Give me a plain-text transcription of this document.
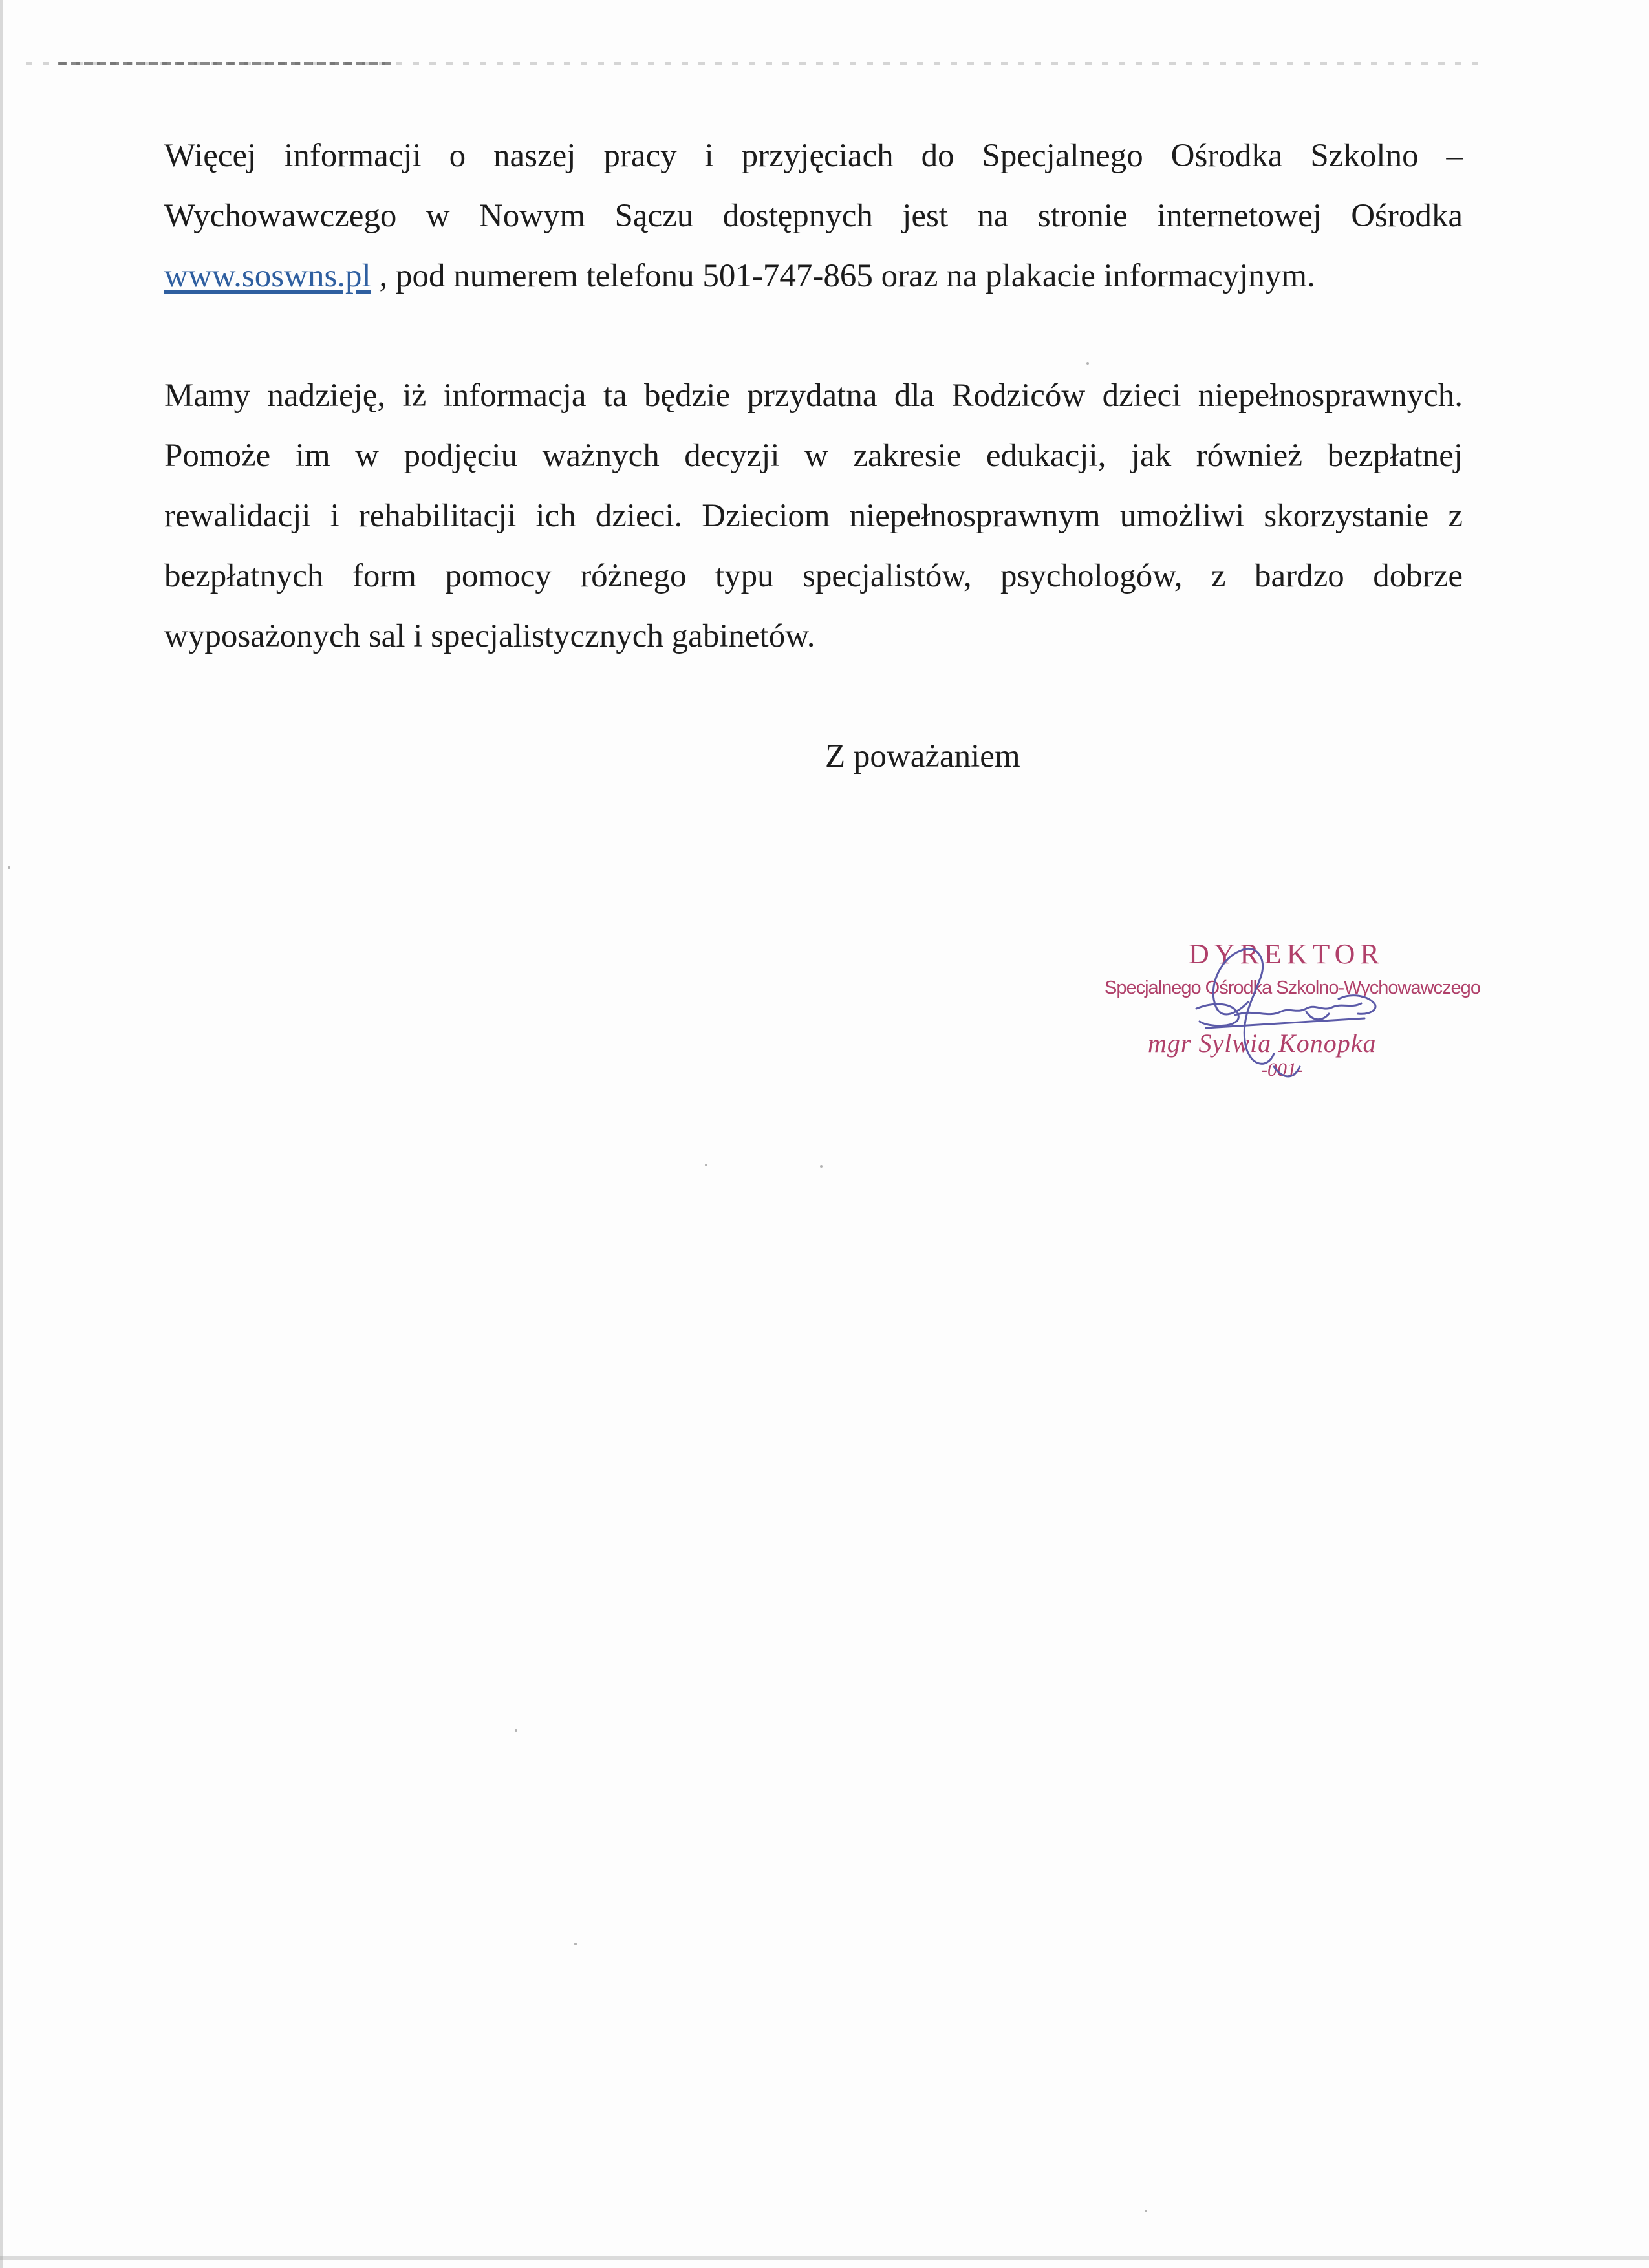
Więcej informacji o naszej pracy i przyjęciach do Specjalnego Ośrodka Szkolno –
Wychowawczego w Nowym Sączu dostępnych jest na stronie internetowej Ośrodka
www.soswns.pl , pod numerem telefonu 501-747-865 oraz na plakacie informacyjnym.
Mamy nadzieję, iż informacja ta będzie przydatna dla Rodziców dzieci niepełnosprawnych.
Pomoże im w podjęciu ważnych decyzji w zakresie edukacji, jak również bezpłatnej
rewalidacji i rehabilitacji ich dzieci. Dzieciom niepełnosprawnym umożliwi skorzystanie z
bezpłatnych form pomocy różnego typu specjalistów, psychologów, z bardzo dobrze
wyposażonych sal i specjalistycznych gabinetów.
Z poważaniem
DYREKTOR
Specjalnego Ośrodka Szkolno-Wychowawczego
mgr Sylwia Konopka
-001-
